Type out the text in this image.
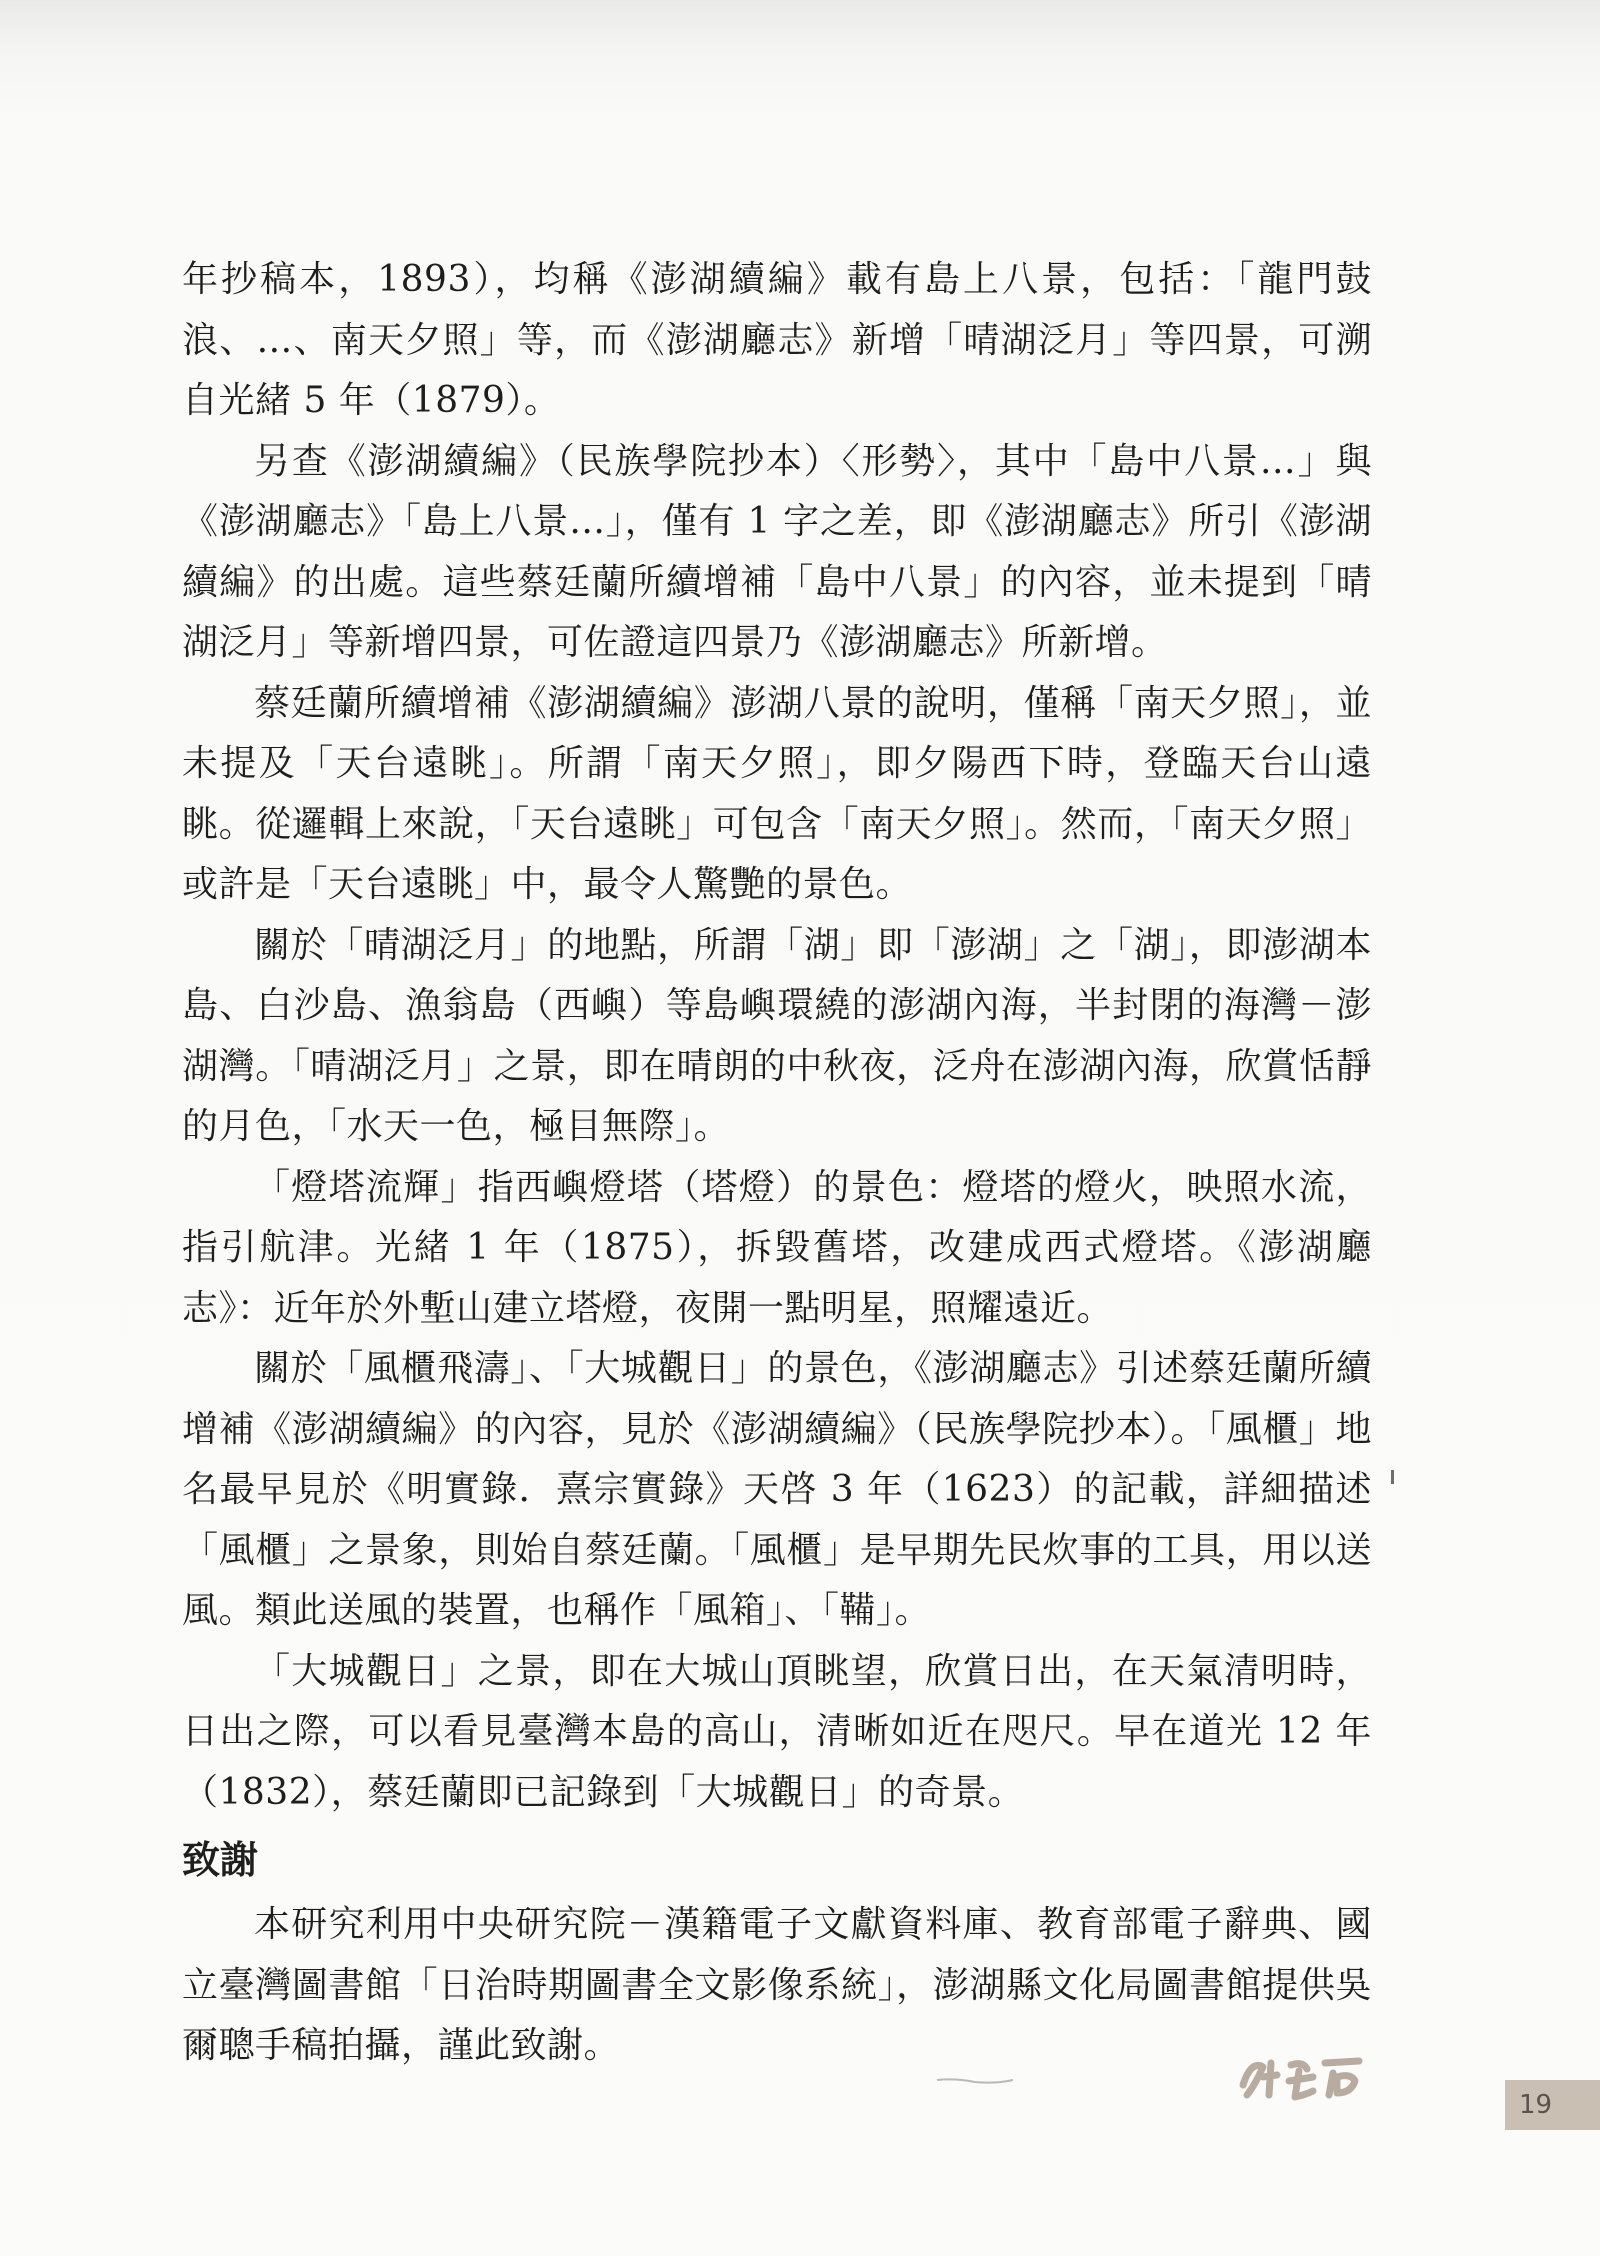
年抄稿本，1893），均稱《澎湖續編》載有島上八景，包括：「龍門鼓浪、…、南天夕照」等，而《澎湖廳志》新增「晴湖泛月」等四景，可溯自光緒 5 年（1879）。

另查《澎湖續編》（民族學院抄本）〈形勢〉，其中「島中八景…」與《澎湖廳志》「島上八景…」，僅有 1 字之差，即《澎湖廳志》所引《澎湖續編》的出處。這些蔡廷蘭所續增補「島中八景」的內容，並未提到「晴湖泛月」等新增四景，可佐證這四景乃《澎湖廳志》所新增。

蔡廷蘭所續增補《澎湖續編》澎湖八景的說明，僅稱「南天夕照」，並未提及「天台遠眺」。所謂「南天夕照」，即夕陽西下時，登臨天台山遠眺。從邏輯上來說，「天台遠眺」可包含「南天夕照」。然而，「南天夕照」或許是「天台遠眺」中，最令人驚艷的景色。

關於「晴湖泛月」的地點，所謂「湖」即「澎湖」之「湖」，即澎湖本島、白沙島、漁翁島（西嶼）等島嶼環繞的澎湖內海，半封閉的海灣－澎湖灣。「晴湖泛月」之景，即在晴朗的中秋夜，泛舟在澎湖內海，欣賞恬靜的月色，「水天一色，極目無際」。

「燈塔流輝」指西嶼燈塔（塔燈）的景色：燈塔的燈火，映照水流，指引航津。光緒 1 年（1875），拆毀舊塔，改建成西式燈塔。《澎湖廳志》：近年於外塹山建立塔燈，夜開一點明星，照耀遠近。

關於「風櫃飛濤」、「大城觀日」的景色，《澎湖廳志》引述蔡廷蘭所續增補《澎湖續編》的內容，見於《澎湖續編》（民族學院抄本）。「風櫃」地名最早見於《明實錄．熹宗實錄》天啓 3 年（1623）的記載，詳細描述「風櫃」之景象，則始自蔡廷蘭。「風櫃」是早期先民炊事的工具，用以送風。類此送風的裝置，也稱作「風箱」、「鞴」。

「大城觀日」之景，即在大城山頂眺望，欣賞日出，在天氣清明時，日出之際，可以看見臺灣本島的高山，清晰如近在咫尺。早在道光 12 年（1832），蔡廷蘭即已記錄到「大城觀日」的奇景。

致謝

本研究利用中央研究院－漢籍電子文獻資料庫、教育部電子辭典、國立臺灣圖書館「日治時期圖書全文影像系統」，澎湖縣文化局圖書館提供吳爾聰手稿拍攝，謹此致謝。

19
